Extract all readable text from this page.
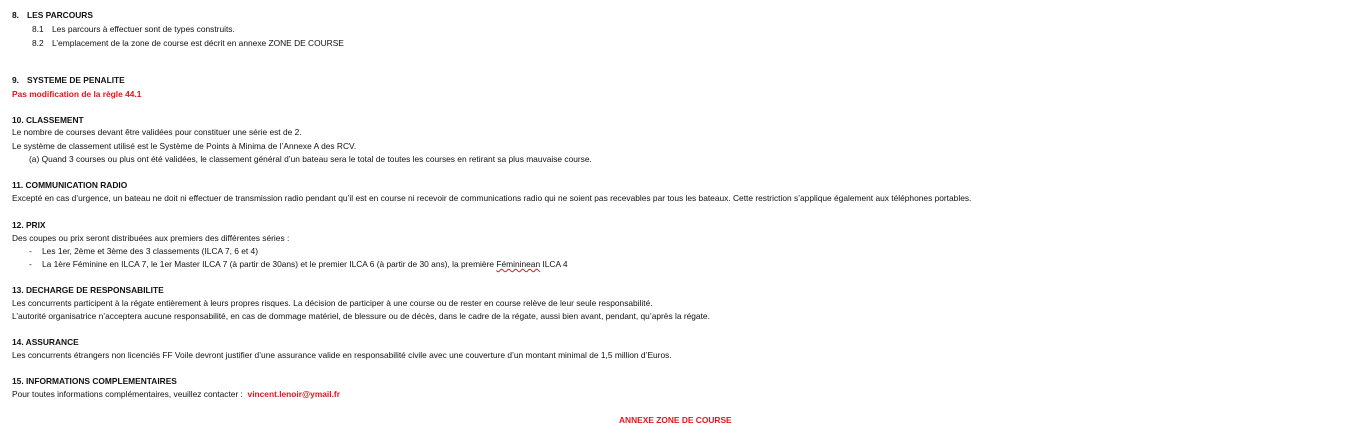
8. LES PARCOURS
8.1 Les parcours à effectuer sont de types construits.
8.2 L’emplacement de la zone de course est décrit en annexe ZONE DE COURSE
9. SYSTEME DE PENALITE
Pas modification de la règle 44.1
10. CLASSEMENT
Le nombre de courses devant être validées pour constituer une série est de 2.
Le système de classement utilisé est le Système de Points à Minima de l’Annexe A des RCV.
(a) Quand 3 courses ou plus ont été validées, le classement général d’un bateau sera le total de toutes les courses en retirant sa plus mauvaise course.
11. COMMUNICATION RADIO
Excepté en cas d’urgence, un bateau ne doit ni effectuer de transmission radio pendant qu’il est en course ni recevoir de communications radio qui ne soient pas recevables par tous les bateaux. Cette restriction s’applique également aux téléphones portables.
12. PRIX
Des coupes ou prix seront distribuées aux premiers des différentes séries :
- Les 1er, 2ème et 3ème des 3 classements (ILCA 7, 6 et 4)
- La 1ère Féminine en ILCA 7, le 1er Master ILCA 7 (à partir de 30ans) et le premier ILCA 6 (à partir de 30 ans), la première Fémininean ILCA 4
13. DECHARGE DE RESPONSABILITE
Les concurrents participent à la régate entièrement à leurs propres risques. La décision de participer à une course ou de rester en course relève de leur seule responsabilité.
L’autorité organisatrice n’acceptera aucune responsabilité, en cas de dommage matériel, de blessure ou de décès, dans le cadre de la régate, aussi bien avant, pendant, qu’après la régate.
14. ASSURANCE
Les concurrents étrangers non licenciés FF Voile devront justifier d’une assurance valide en responsabilité civile avec une couverture d’un montant minimal de 1,5 million d’Euros.
15. INFORMATIONS COMPLEMENTAIRES
Pour toutes informations complémentaires, veuillez contacter : vincent.lenoir@ymail.fr
ANNEXE ZONE DE COURSE
